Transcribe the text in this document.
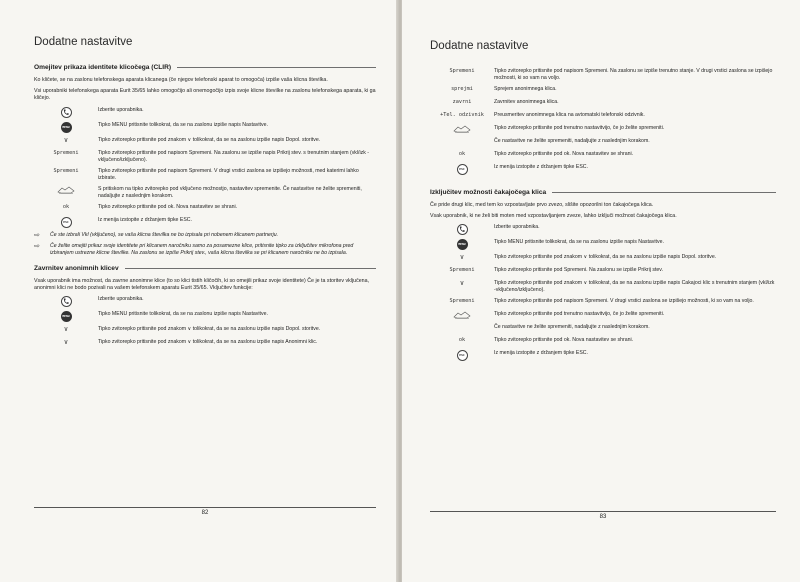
Dodatne nastavitve
Omejitev prikaza identitete klicočega (CLIR)

Ko kličete, se na zaslonu telefonskega aparata klicanega (če njegov telefonski aparat to omogoča) izpiše vaša klicna številka.

Vsi uporabniki telefonskega aparata Eurit 35/65 lahko omogočijo ali onemogočijo izpis svoje klicne številke na zaslonu telefonskega aparata, ki ga kličejo.

Izberite uporabnika.
MENU	Tipko MENU pritisnite tolikokrat, da se na zaslonu izpiše napis Nastavitve.
∨	Tipko zvitorepko pritisnite pod znakom ∨ tolikokrat, da se na zaslonu izpiše napis Dopol. storitve.
Spremeni	Tipko zvitorepko pritisnite pod napisom Spremeni. Na zaslonu se izpiše napis Prikriј stev. s trenutnim stanjem (vkl/izk -vključeno/izključeno).
Spremeni	Tipko zvitorepko pritisnite pod napisom Spremeni. V drugi vrstici zaslona se izpišejo možnosti, med katerimi lahko izbirate.
S pritiskom na tipko zvitorepko pod vključeno možnostjo, nastavitev spremenite. Če nastavitve ne želite spremeniti, nadaljujte z naslednjim korakom.
ok	Tipko zvitorepko pritisnite pod ok. Nova nastavitev se shrani.
ESC	Iz menija izstopite z držanjem tipke ESC.
⇨	Če ste izbrali Vkl (vključeno), se vaša klicna številka ne bo izpisala pri nobenem klicanem partnerju.
⇨	Če želite omejiti prikaz svoje identitete pri klicanem naročniku samo za posamezne klice, pritisnite tipko za izključitev mikrofona pred izbiranjem ustrezne klicne številke. Na zaslonu se izpiše Prikriј stev., vaša klicna številka se pri klicanem naročniku ne bo izpisala.
Zavrnitev anonimnih klicev

Vsak uporabnik ima možnost, da zavrne anonimne klice (to so klici tistih kličočih, ki so omejili prikaz svoje identitete) Če je ta storitev vključena, anonimni klici ne bodo pozivali na vašem telefonskem aparatu Eurit 35/65. Vključitev funkcije:

Izberite uporabnika.
MENU	Tipko MENU pritisnite tolikokrat, da se na zaslonu izpiše napis Nastavitve.
∨	Tipko zvitorepko pritisnite pod znakom ∨ tolikokrat, da se na zaslonu izpiše napis Dopol. storitve.
∨	Tipko zvitorepko pritisnite pod znakom ∨ tolikokrat, da se na zaslonu izpiše napis Anonimni klic.
82
Dodatne nastavitve
Spremeni	Tipko zvitorepko pritisnite pod napisom Spremeni. Na zaslonu se izpiše trenutno stanje. V drugi vrstici zaslona se izpišejo možnosti, ki so vam na voljo.
sprejmi	Sprejem anonimnega klica.
zavrni	Zavrnitev anonimnega klica.
+Tel. odzivnik Preusmeritev anonimnega klica na avtomatski telefonski odzivnik.
Tipko zvitorepko pritisnite pod trenutno nastavitvijo, če jo želite spremeniti.
Če nastavitve ne želite spremeniti, nadaljujte z naslednjim korakom.
ok	Tipko zvitorepko pritisnite pod ok. Nova nastavitev se shrani.
ESC	Iz menija izstopite z držanjem tipke ESC.
Izključitev možnosti čakajočega klica

Če pride drugi klic, med tem ko vzpostavljate prvo zvezo, slišite opozorilni ton čakajočega klica.

Vsak uporabnik, ki ne želi biti moten med vzpostavljanjem zveze, lahko izključi možnost čakajočega klica.

Izberite uporabnika.
MENU	Tipko MENU pritisnite tolikokrat, da se na zaslonu izpiše napis Nastavitve.
∨	Tipko zvitorepko pritisnite pod znakom ∨ tolikokrat, da se na zaslonu izpiše napis Dopol. storitve.
Spremeni	Tipko zvitorepko pritisnite pod Spremeni. Na zaslonu se izpiše Prikriј stev.
∨	Tipko zvitorepko pritisnite pod znakom ∨ tolikokrat, da se na zaslonu izpiše napis Cakajoci klic s trenutnim stanjem (vkl/izk -vključeno/izključeno).
Spremeni	Tipko zvitorepko pritisnite pod napisom Spremeni. V drugi vrstici zaslona se izpišejo možnosti, ki so vam na voljo.
Tipko zvitorepko pritisnite pod trenutno nastavitvijo, če jo želite spremeniti.
Če nastavitve ne želite spremeniti, nadaljujte z naslednjim korakom.
ok	Tipko zvitorepko pritisnite pod ok. Nova nastavitev se shrani.
ESC	Iz menija izstopite z držanjem tipke ESC.
83
